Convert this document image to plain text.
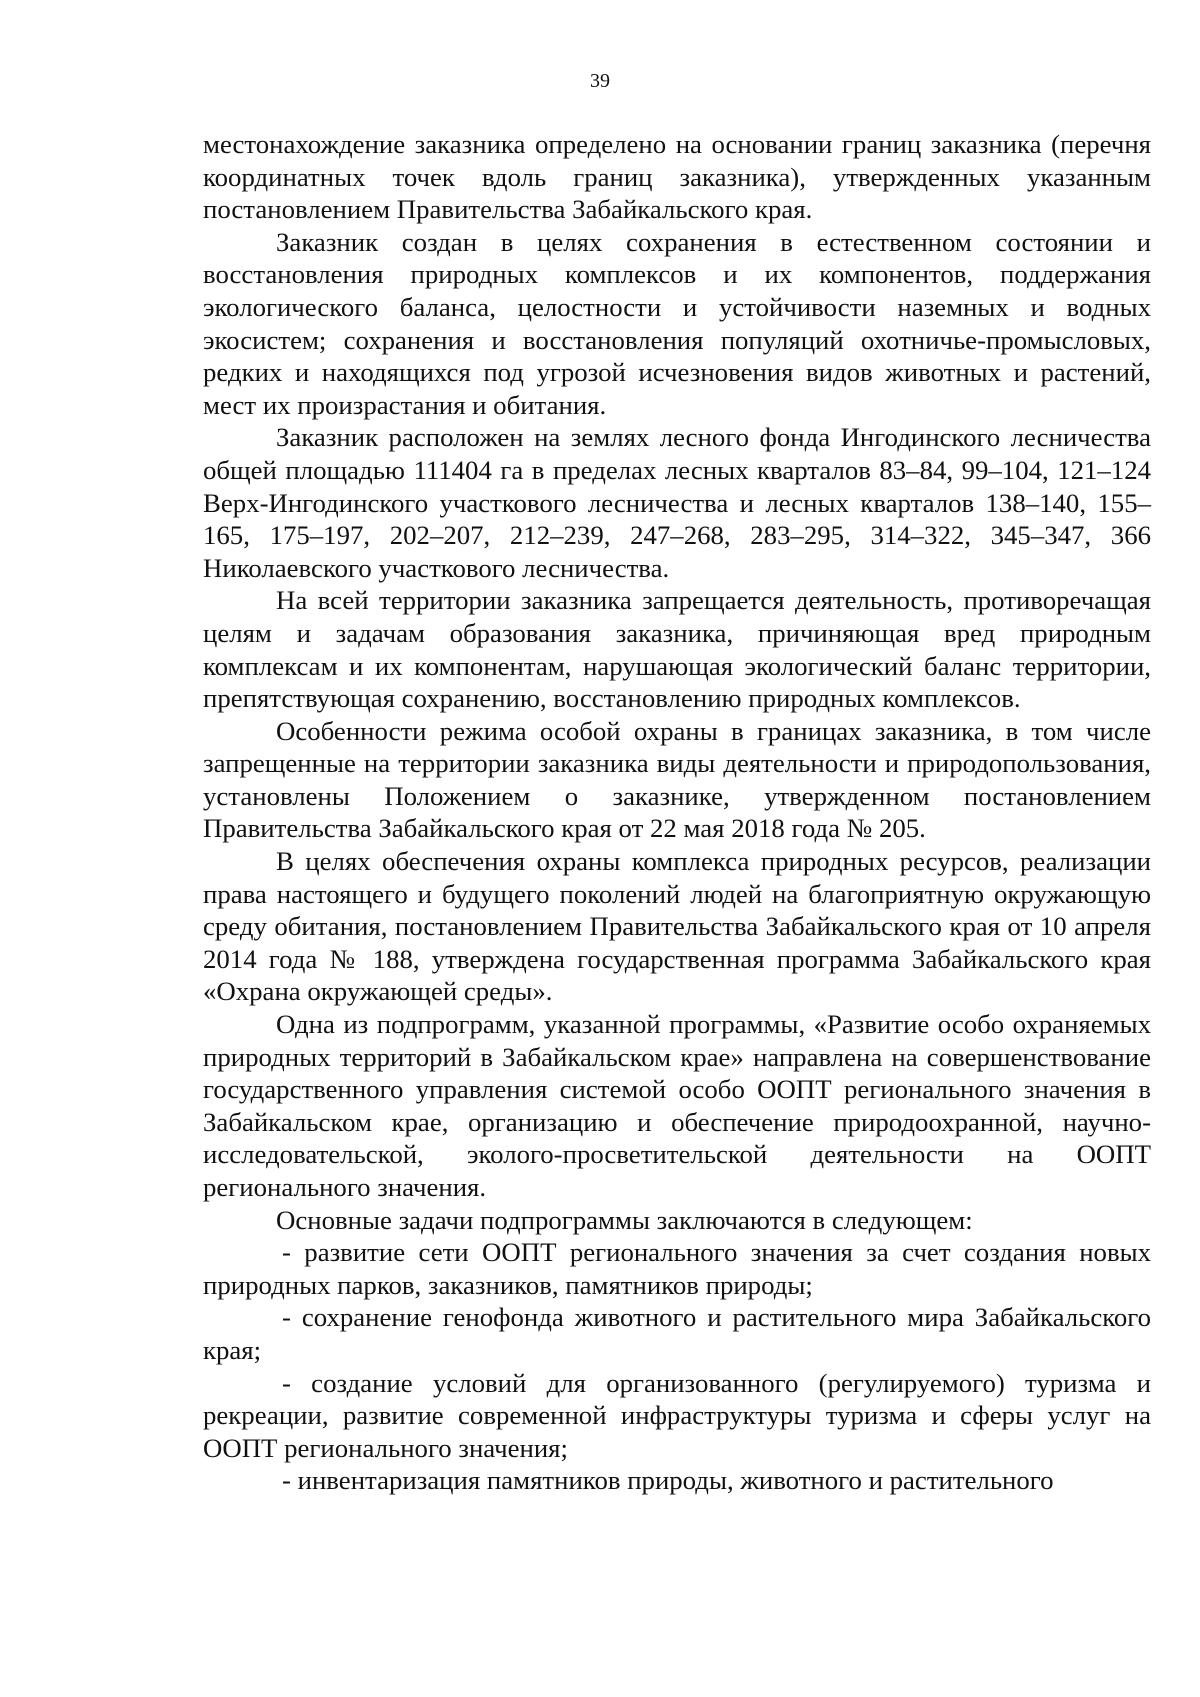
39

местонахождение заказника определено на основании границ заказника (перечня координатных точек вдоль границ заказника), утвержденных указанным постановлением Правительства Забайкальского края.

Заказник создан в целях сохранения в естественном состоянии и восстановления природных комплексов и их компонентов, поддержания экологического баланса, целостности и устойчивости наземных и водных экосистем; сохранения и восстановления популяций охотничье-промысловых, редких и находящихся под угрозой исчезновения видов животных и растений, мест их произрастания и обитания.

Заказник расположен на землях лесного фонда Ингодинского лесничества общей площадью 111404 га в пределах лесных кварталов 83–84, 99–104, 121–124 Верх-Ингодинского участкового лесничества и лесных кварталов 138–140, 155–165, 175–197, 202–207, 212–239, 247–268, 283–295, 314–322, 345–347, 366 Николаевского участкового лесничества.

На всей территории заказника запрещается деятельность, противоречащая целям и задачам образования заказника, причиняющая вред природным комплексам и их компонентам, нарушающая экологический баланс территории, препятствующая сохранению, восстановлению природных комплексов.

Особенности режима особой охраны в границах заказника, в том числе запрещенные на территории заказника виды деятельности и природопользования, установлены Положением о заказнике, утвержденном постановлением Правительства Забайкальского края от 22 мая 2018 года № 205.

В целях обеспечения охраны комплекса природных ресурсов, реализации права настоящего и будущего поколений людей на благоприятную окружающую среду обитания, постановлением Правительства Забайкальского края от 10 апреля 2014 года № 188, утверждена государственная программа Забайкальского края «Охрана окружающей среды».

Одна из подпрограмм, указанной программы, «Развитие особо охраняемых природных территорий в Забайкальском крае» направлена на совершенствование государственного управления системой особо ООПТ регионального значения в Забайкальском крае, организацию и обеспечение природоохранной, научно-исследовательской, эколого-просветительской деятельности на ООПТ регионального значения.

Основные задачи подпрограммы заключаются в следующем:

- развитие сети ООПТ регионального значения за счет создания новых природных парков, заказников, памятников природы;

- сохранение генофонда животного и растительного мира Забайкальского края;

- создание условий для организованного (регулируемого) туризма и рекреации, развитие современной инфраструктуры туризма и сферы услуг на ООПТ регионального значения;

- инвентаризация памятников природы, животного и растительного
